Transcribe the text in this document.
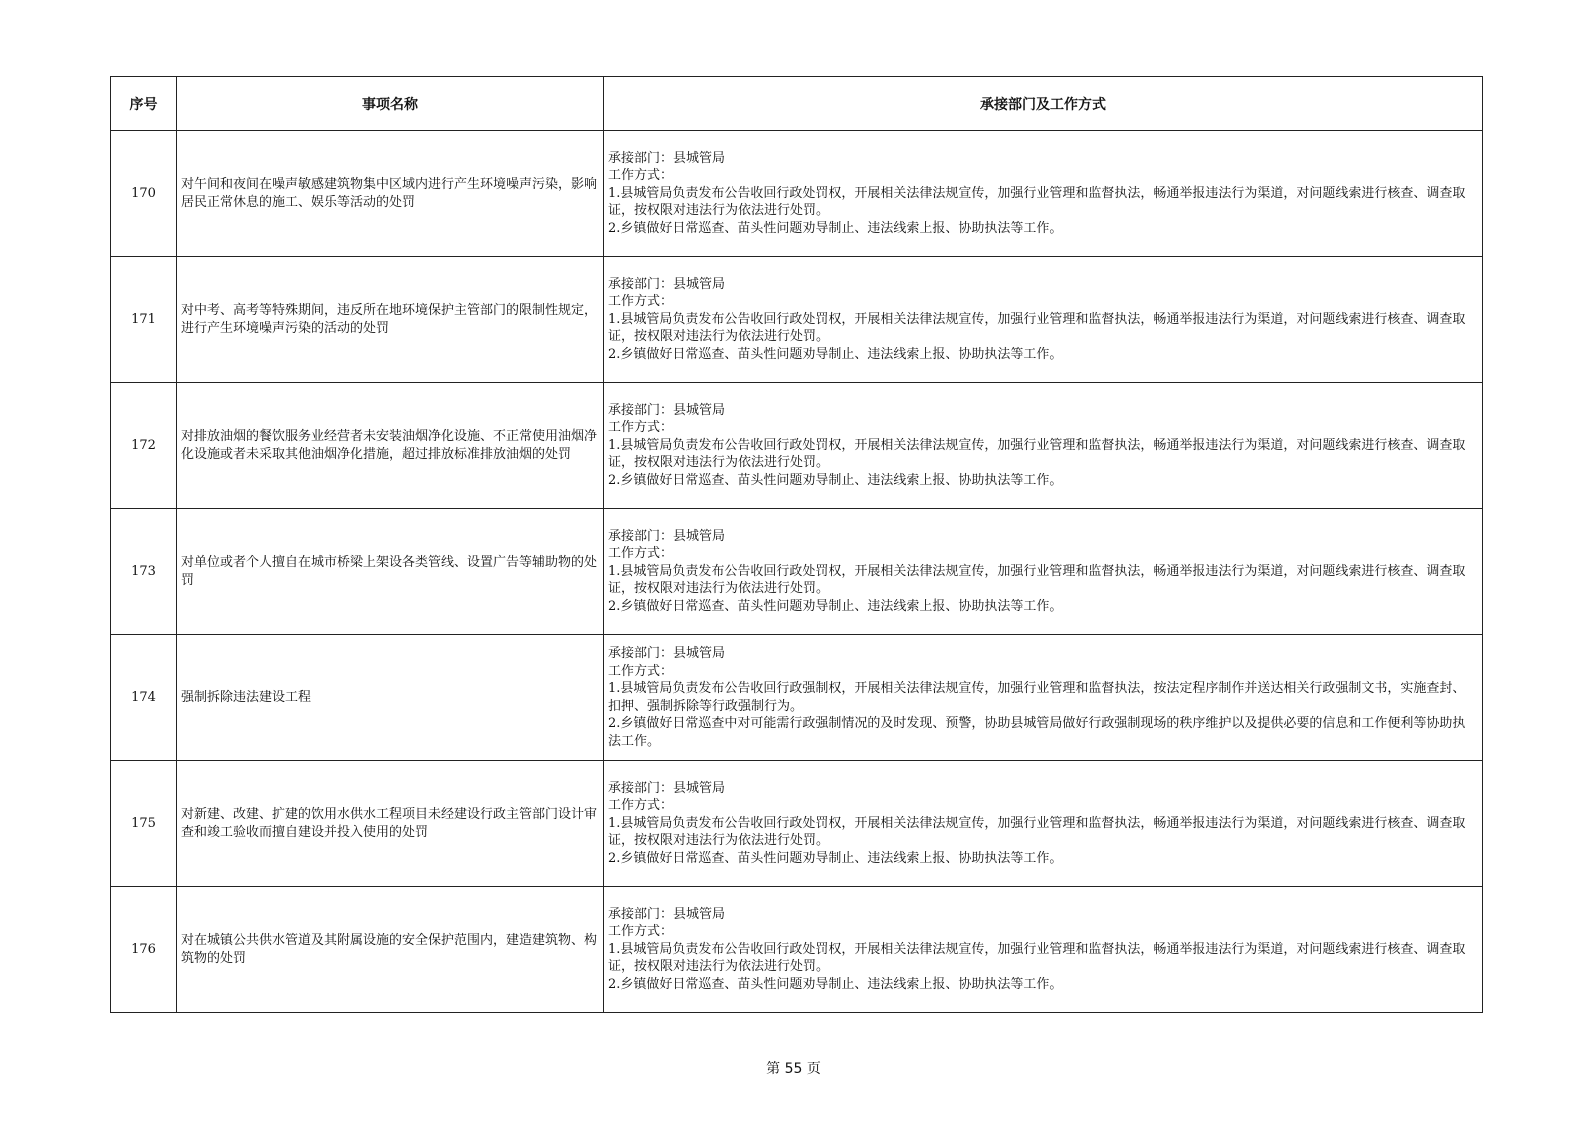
序号	事项名称	承接部门及工作方式
170	对午间和夜间在噪声敏感建筑物集中区域内进行产生环境噪声污染，影响居民正常休息的施工、娱乐等活动的处罚	承接部门：县城管局
工作方式：
1.县城管局负责发布公告收回行政处罚权，开展相关法律法规宣传，加强行业管理和监督执法，畅通举报违法行为渠道，对问题线索进行核查、调查取证，按权限对违法行为依法进行处罚。
2.乡镇做好日常巡查、苗头性问题劝导制止、违法线索上报、协助执法等工作。

171	对中考、高考等特殊期间，违反所在地环境保护主管部门的限制性规定，进行产生环境噪声污染的活动的处罚	承接部门：县城管局
工作方式：
1.县城管局负责发布公告收回行政处罚权，开展相关法律法规宣传，加强行业管理和监督执法，畅通举报违法行为渠道，对问题线索进行核查、调查取证，按权限对违法行为依法进行处罚。
2.乡镇做好日常巡查、苗头性问题劝导制止、违法线索上报、协助执法等工作。

172	对排放油烟的餐饮服务业经营者未安装油烟净化设施、不正常使用油烟净化设施或者未采取其他油烟净化措施，超过排放标准排放油烟的处罚	承接部门：县城管局
工作方式：
1.县城管局负责发布公告收回行政处罚权，开展相关法律法规宣传，加强行业管理和监督执法，畅通举报违法行为渠道，对问题线索进行核查、调查取证，按权限对违法行为依法进行处罚。
2.乡镇做好日常巡查、苗头性问题劝导制止、违法线索上报、协助执法等工作。

173	对单位或者个人擅自在城市桥梁上架设各类管线、设置广告等辅助物的处罚	承接部门：县城管局
工作方式：
1.县城管局负责发布公告收回行政处罚权，开展相关法律法规宣传，加强行业管理和监督执法，畅通举报违法行为渠道，对问题线索进行核查、调查取证，按权限对违法行为依法进行处罚。
2.乡镇做好日常巡查、苗头性问题劝导制止、违法线索上报、协助执法等工作。

174	强制拆除违法建设工程	承接部门：县城管局
工作方式：
1.县城管局负责发布公告收回行政强制权，开展相关法律法规宣传，加强行业管理和监督执法，按法定程序制作并送达相关行政强制文书，实施查封、扣押、强制拆除等行政强制行为。
2.乡镇做好日常巡查中对可能需行政强制情况的及时发现、预警，协助县城管局做好行政强制现场的秩序维护以及提供必要的信息和工作便利等协助执法工作。

175	对新建、改建、扩建的饮用水供水工程项目未经建设行政主管部门设计审查和竣工验收而擅自建设并投入使用的处罚	承接部门：县城管局
工作方式：
1.县城管局负责发布公告收回行政处罚权，开展相关法律法规宣传，加强行业管理和监督执法，畅通举报违法行为渠道，对问题线索进行核查、调查取证，按权限对违法行为依法进行处罚。
2.乡镇做好日常巡查、苗头性问题劝导制止、违法线索上报、协助执法等工作。

176	对在城镇公共供水管道及其附属设施的安全保护范围内，建造建筑物、构筑物的处罚	承接部门：县城管局
工作方式：
1.县城管局负责发布公告收回行政处罚权，开展相关法律法规宣传，加强行业管理和监督执法，畅通举报违法行为渠道，对问题线索进行核查、调查取证，按权限对违法行为依法进行处罚。
2.乡镇做好日常巡查、苗头性问题劝导制止、违法线索上报、协助执法等工作。
第 55 页
